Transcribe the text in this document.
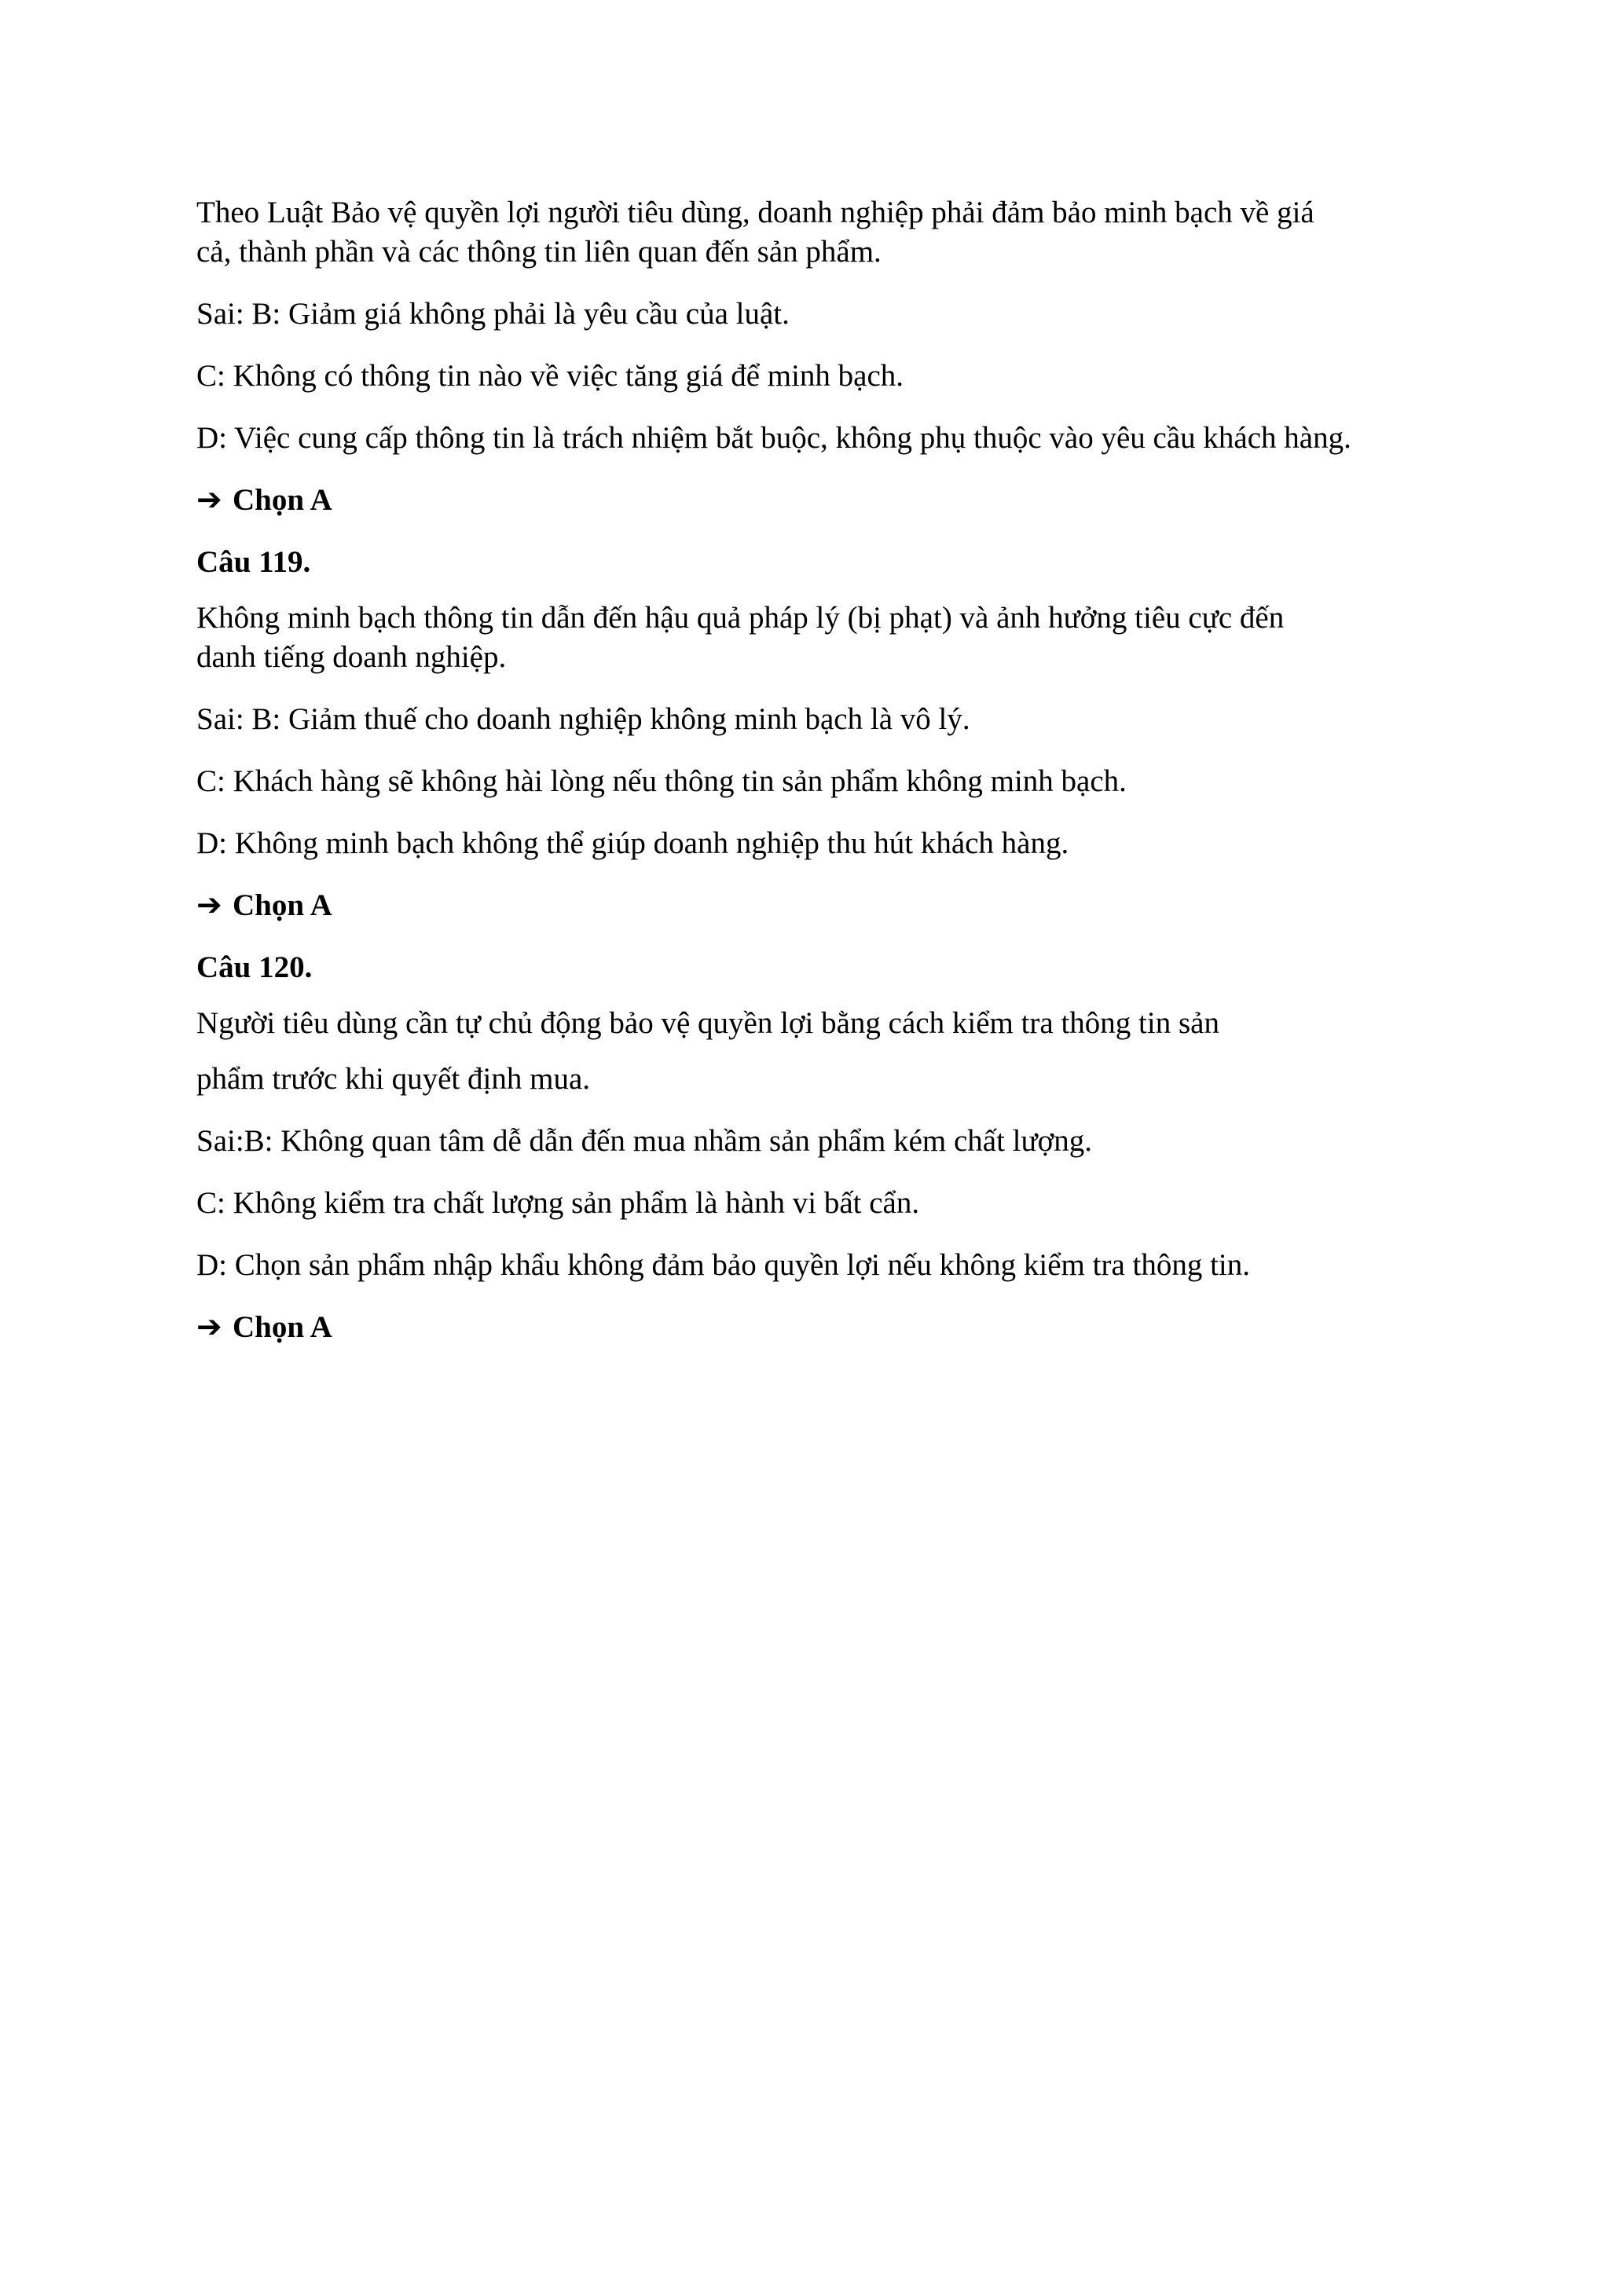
Theo Luật Bảo vệ quyền lợi người tiêu dùng, doanh nghiệp phải đảm bảo minh bạch về giá
cả, thành phần và các thông tin liên quan đến sản phẩm.
Sai: B: Giảm giá không phải là yêu cầu của luật.
C: Không có thông tin nào về việc tăng giá để minh bạch.
D: Việc cung cấp thông tin là trách nhiệm bắt buộc, không phụ thuộc vào yêu cầu khách hàng.
➔ Chọn A
Câu 119.
Không minh bạch thông tin dẫn đến hậu quả pháp lý (bị phạt) và ảnh hưởng tiêu cực đến
danh tiếng doanh nghiệp.
Sai: B: Giảm thuế cho doanh nghiệp không minh bạch là vô lý.
C: Khách hàng sẽ không hài lòng nếu thông tin sản phẩm không minh bạch.
D: Không minh bạch không thể giúp doanh nghiệp thu hút khách hàng.
➔ Chọn A
Câu 120.
Người tiêu dùng cần tự chủ động bảo vệ quyền lợi bằng cách kiểm tra thông tin sản
phẩm trước khi quyết định mua.
Sai:B: Không quan tâm dễ dẫn đến mua nhầm sản phẩm kém chất lượng.
C: Không kiểm tra chất lượng sản phẩm là hành vi bất cẩn.
D: Chọn sản phẩm nhập khẩu không đảm bảo quyền lợi nếu không kiểm tra thông tin.
➔ Chọn A
